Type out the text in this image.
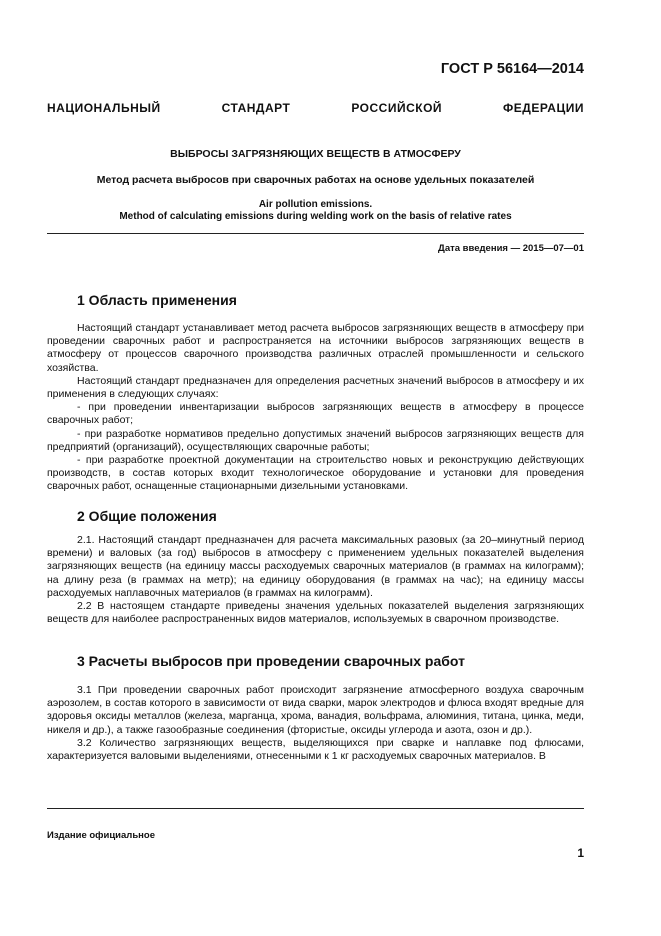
ГОСТ Р 56164—2014
НАЦИОНАЛЬНЫЙ СТАНДАРТ РОССИЙСКОЙ ФЕДЕРАЦИИ
ВЫБРОСЫ ЗАГРЯЗНЯЮЩИХ ВЕЩЕСТВ В АТМОСФЕРУ
Метод расчета выбросов при сварочных работах на основе удельных показателей
Air pollution emissions.
Method of calculating emissions during welding work on the basis of relative rates
Дата введения — 2015—07—01
1 Область применения

Настоящий стандарт устанавливает метод расчета выбросов загрязняющих веществ в атмосферу при проведении сварочных работ и распространяется на источники выбросов загрязняющих веществ в атмосферу от процессов сварочного производства различных отраслей промышленности и сельского хозяйства.

Настоящий стандарт предназначен для определения расчетных значений выбросов в атмосферу и их применения в следующих случаях:

- при проведении инвентаризации выбросов загрязняющих веществ в атмосферу в процессе сварочных работ;

- при разработке нормативов предельно допустимых значений выбросов загрязняющих веществ для предприятий (организаций), осуществляющих сварочные работы;

- при разработке проектной документации на строительство новых и реконструкцию действующих производств, в состав которых входит технологическое оборудование и установки для проведения сварочных работ, оснащенные стационарными дизельными установками.

2 Общие положения

2.1. Настоящий стандарт предназначен для расчета максимальных разовых (за 20–минутный период времени) и валовых (за год) выбросов в атмосферу с применением удельных показателей выделения загрязняющих веществ (на единицу массы расходуемых сварочных материалов (в граммах на килограмм); на длину реза (в граммах на метр); на единицу оборудования (в граммах на час); на единицу массы расходуемых наплавочных материалов (в граммах на килограмм).

2.2 В настоящем стандарте приведены значения удельных показателей выделения загрязняющих веществ для наиболее распространенных видов материалов, используемых в сварочном производстве.

3 Расчеты выбросов при проведении сварочных работ

3.1 При проведении сварочных работ происходит загрязнение атмосферного воздуха сварочным аэрозолем, в состав которого в зависимости от вида сварки, марок электродов и флюса входят вредные для здоровья оксиды металлов (железа, марганца, хрома, ванадия, вольфрама, алюминия, титана, цинка, меди, никеля и др.), а также газообразные соединения (фтористые, оксиды углерода и азота, озон и др.).

3.2 Количество загрязняющих веществ, выделяющихся при сварке и наплавке под флюсами, характеризуется валовыми выделениями, отнесенными к 1 кг расходуемых сварочных материалов. В

Издание официальное
1
